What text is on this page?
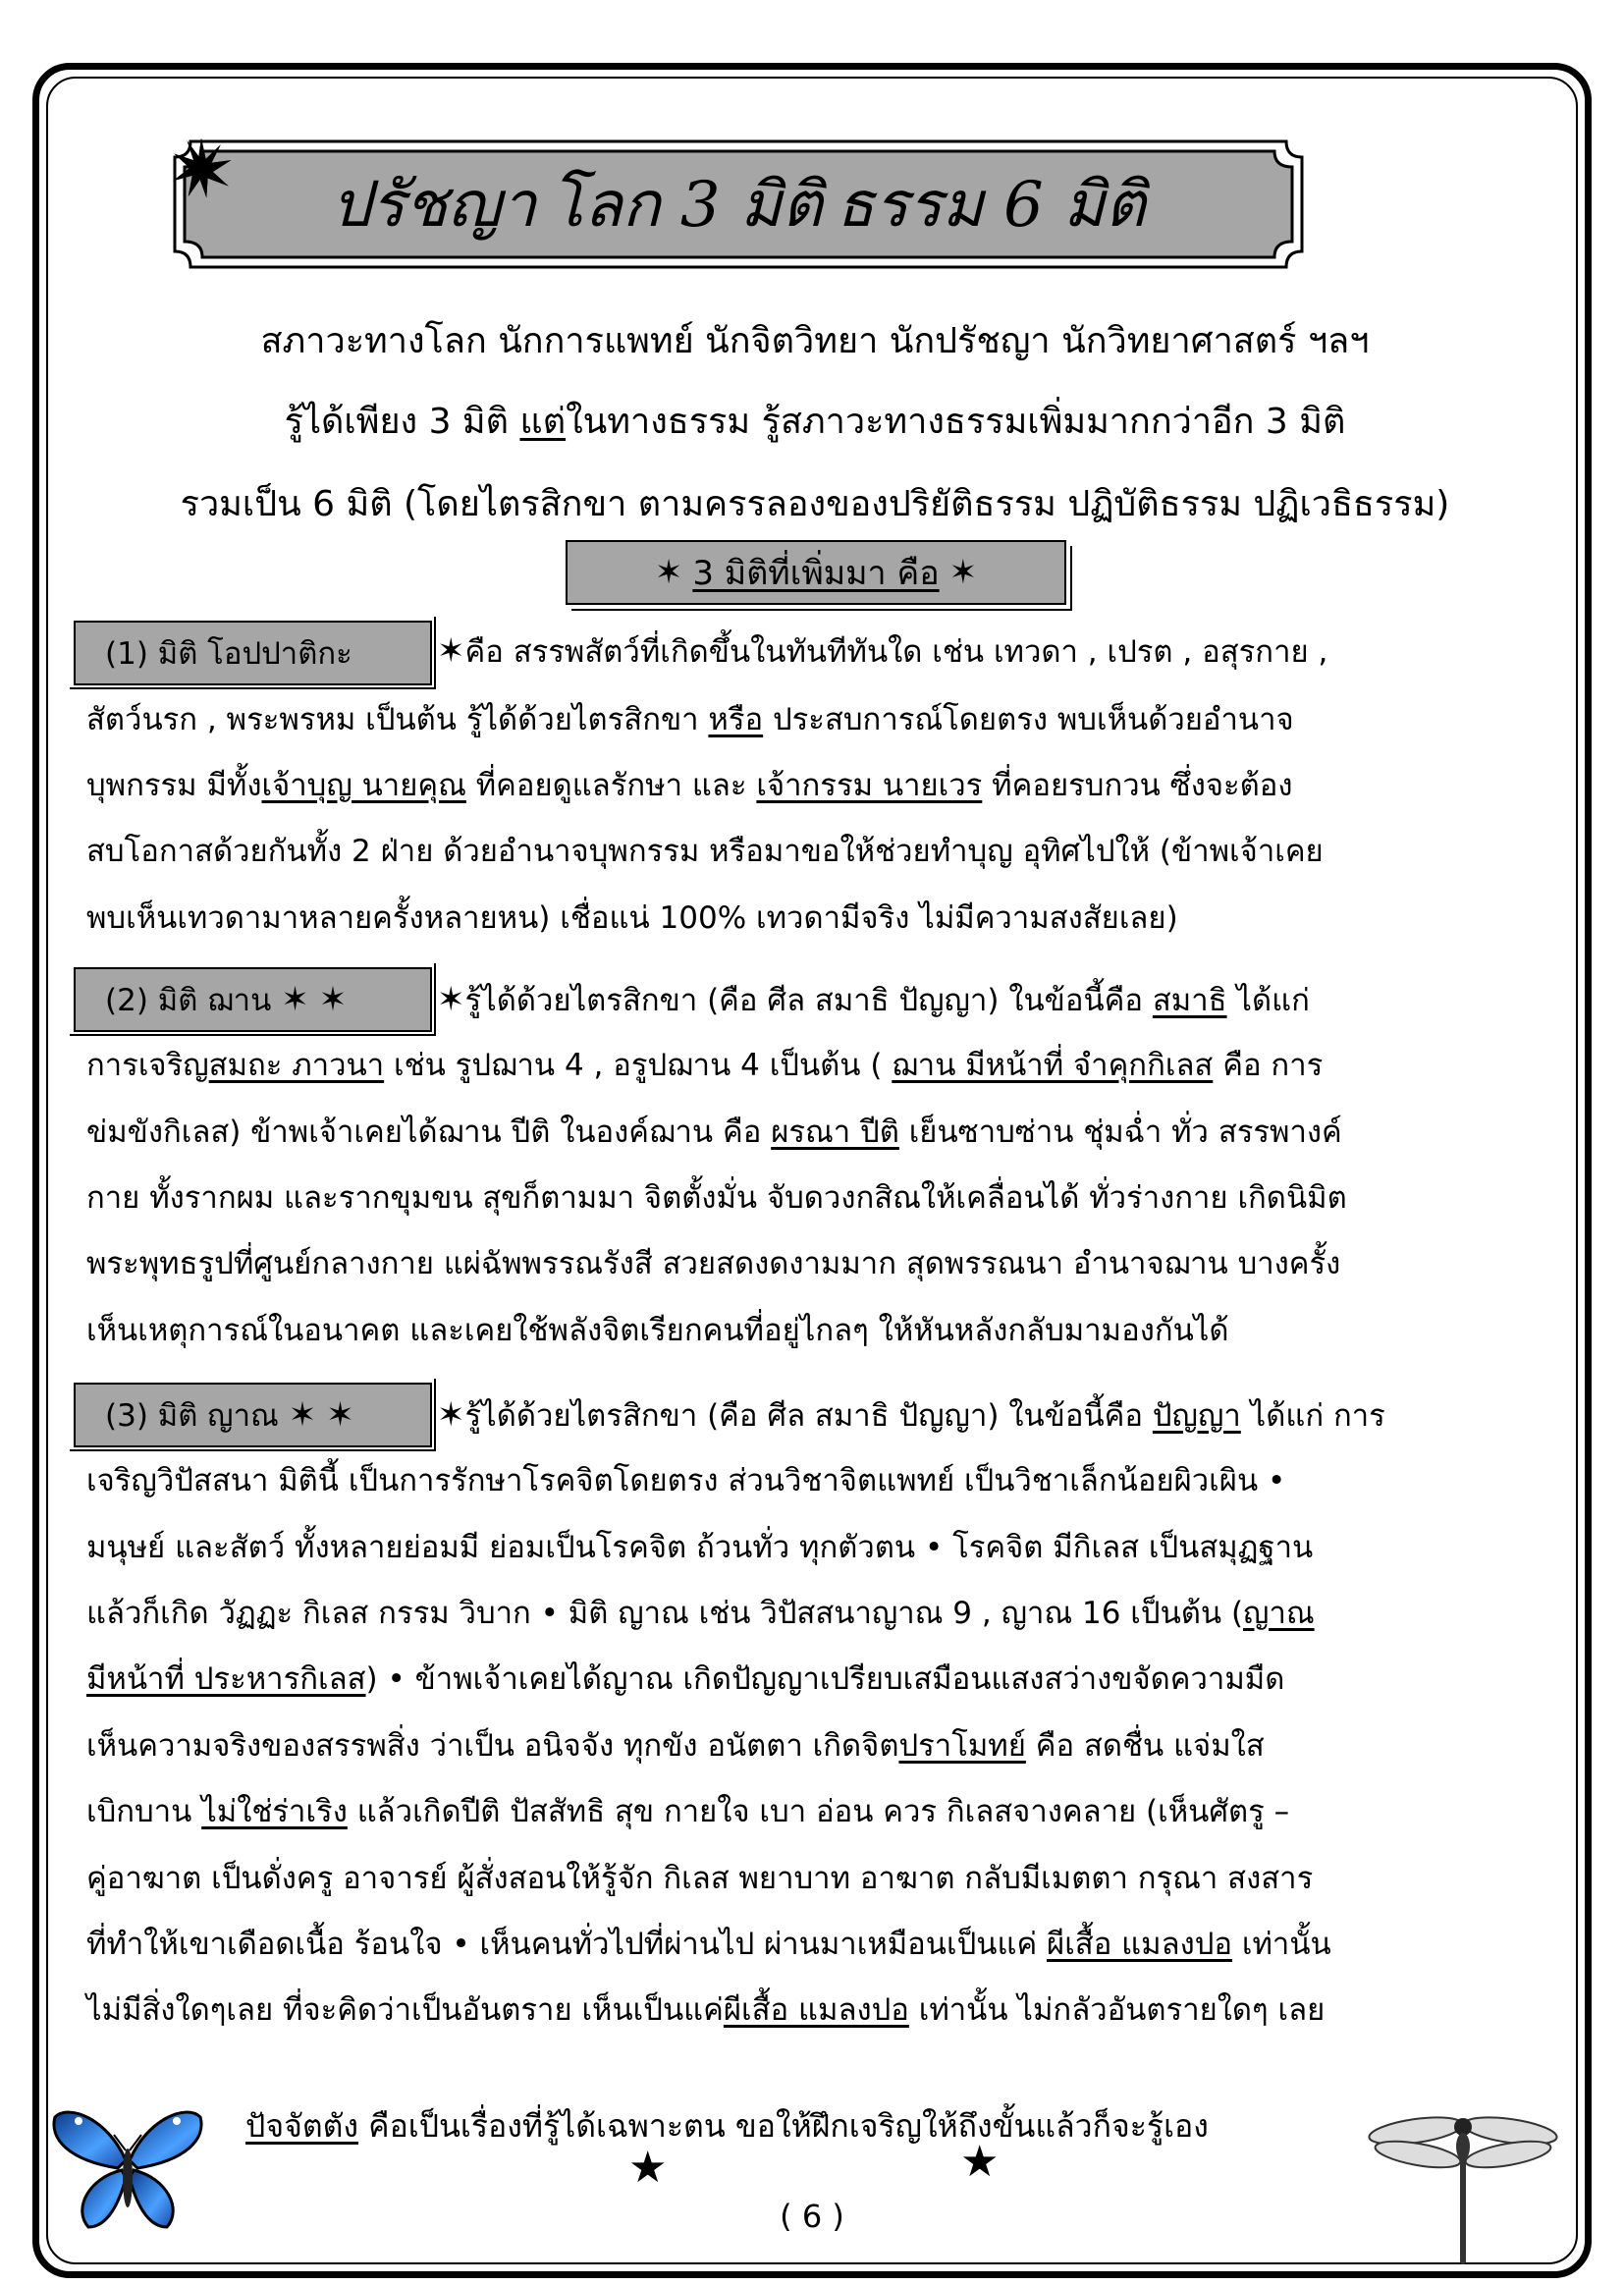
ปรัชญา โลก 3 มิติ ธรรม 6 มิติ
สภาวะทางโลก นักการแพทย์ นักจิตวิทยา นักปรัชญา นักวิทยาศาสตร์ ฯลฯ
รู้ได้เพียง 3 มิติ แต่ในทางธรรม รู้สภาวะทางธรรมเพิ่มมากกว่าอีก 3 มิติ
รวมเป็น 6 มิติ (โดยไตรสิกขา ตามครรลองของปริยัติธรรม ปฏิบัติธรรม ปฏิเวธิธรรม)
✶ 3 มิติที่เพิ่มมา คือ ✶
(1) มิติ โอปปาติกะ
(2) มิติ ฌาน ✶ ✶
(3) มิติ ญาณ ✶ ✶
✶คือ สรรพสัตว์ที่เกิดขึ้นในทันทีทันใด เช่น เทวดา , เปรต , อสุรกาย ,
สัตว์นรก , พระพรหม เป็นต้น รู้ได้ด้วยไตรสิกขา หรือ ประสบการณ์โดยตรง พบเห็นด้วยอำนาจ
บุพกรรม มีทั้งเจ้าบุญ นายคุณ ที่คอยดูแลรักษา และ เจ้ากรรม นายเวร ที่คอยรบกวน ซึ่งจะต้อง
สบโอกาสด้วยกันทั้ง 2 ฝ่าย ด้วยอำนาจบุพกรรม หรือมาขอให้ช่วยทำบุญ อุทิศไปให้ (ข้าพเจ้าเคย
พบเห็นเทวดามาหลายครั้งหลายหน) เชื่อแน่ 100% เทวดามีจริง ไม่มีความสงสัยเลย)
✶รู้ได้ด้วยไตรสิกขา (คือ ศีล สมาธิ ปัญญา) ในข้อนี้คือ สมาธิ ได้แก่
การเจริญสมถะ ภาวนา เช่น รูปฌาน 4 , อรูปฌาน 4 เป็นต้น ( ฌาน มีหน้าที่ จำคุกกิเลส คือ การ
ข่มขังกิเลส) ข้าพเจ้าเคยได้ฌาน ปีติ ในองค์ฌาน คือ ผรณา ปีติ เย็นซาบซ่าน ชุ่มฉ่ำ ทั่ว สรรพางค์
กาย ทั้งรากผม และรากขุมขน สุขก็ตามมา จิตตั้งมั่น จับดวงกสิณให้เคลื่อนได้ ทั่วร่างกาย เกิดนิมิต
พระพุทธรูปที่ศูนย์กลางกาย แผ่ฉัพพรรณรังสี สวยสดงดงามมาก สุดพรรณนา อำนาจฌาน บางครั้ง
เห็นเหตุการณ์ในอนาคต และเคยใช้พลังจิตเรียกคนที่อยู่ไกลๆ ให้หันหลังกลับมามองกันได้
✶รู้ได้ด้วยไตรสิกขา (คือ ศีล สมาธิ ปัญญา) ในข้อนี้คือ ปัญญา ได้แก่ การ
เจริญวิปัสสนา มิตินี้ เป็นการรักษาโรคจิตโดยตรง ส่วนวิชาจิตแพทย์ เป็นวิชาเล็กน้อยผิวเผิน •
มนุษย์ และสัตว์ ทั้งหลายย่อมมี ย่อมเป็นโรคจิต ถ้วนทั่ว ทุกตัวตน • โรคจิต มีกิเลส เป็นสมุฏฐาน
แล้วก็เกิด วัฏฏะ กิเลส กรรม วิบาก • มิติ ญาณ เช่น วิปัสสนาญาณ 9 , ญาณ 16 เป็นต้น (ญาณ
มีหน้าที่ ประหารกิเลส) • ข้าพเจ้าเคยได้ญาณ เกิดปัญญาเปรียบเสมือนแสงสว่างขจัดความมืด
เห็นความจริงของสรรพสิ่ง ว่าเป็น อนิจจัง ทุกขัง อนัตตา เกิดจิตปราโมทย์ คือ สดชื่น แจ่มใส
เบิกบาน ไม่ใช่ร่าเริง แล้วเกิดปีติ ปัสสัทธิ สุข กายใจ เบา อ่อน ควร กิเลสจางคลาย (เห็นศัตรู –
คู่อาฆาต เป็นดั่งครู อาจารย์ ผู้สั่งสอนให้รู้จัก กิเลส พยาบาท อาฆาต กลับมีเมตตา กรุณา สงสาร
ที่ทำให้เขาเดือดเนื้อ ร้อนใจ • เห็นคนทั่วไปที่ผ่านไป ผ่านมาเหมือนเป็นแค่ ผีเสื้อ แมลงปอ เท่านั้น
ไม่มีสิ่งใดๆเลย ที่จะคิดว่าเป็นอันตราย เห็นเป็นแค่ผีเสื้อ แมลงปอ เท่านั้น ไม่กลัวอันตรายใดๆ เลย
ปัจจัตตัง คือเป็นเรื่องที่รู้ได้เฉพาะตน ขอให้ฝึกเจริญให้ถึงขั้นแล้วก็จะรู้เอง
★	★
( 6 )
